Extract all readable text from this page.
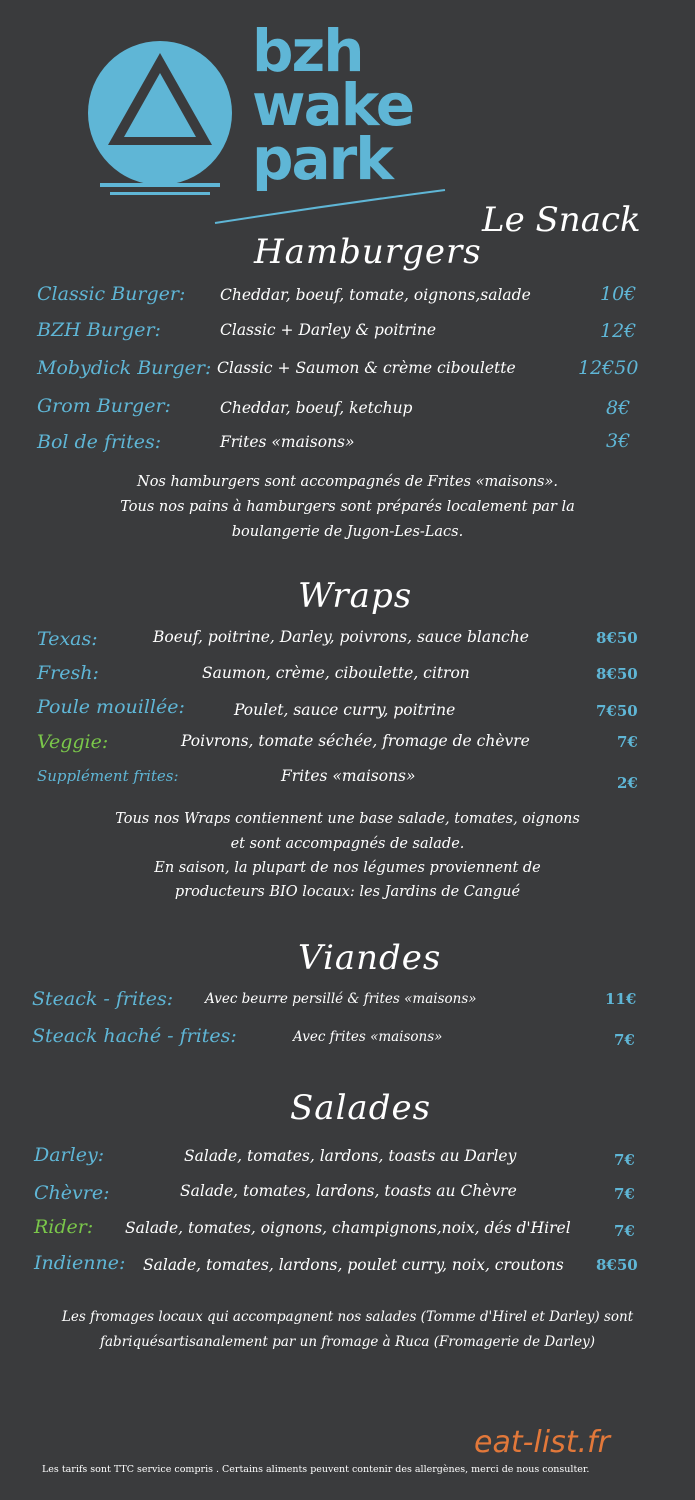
bzh
wake
park
Le Snack
Hamburgers
Classic Burger: Cheddar, boeuf, tomate, oignons,salade	10€
BZH Burger:	Classic + Darley & poitrine	12€
Mobydick Burger: Classic + Saumon & crème ciboulette	12€50
Grom Burger:	Cheddar, boeuf, ketchup	8€
Bol de frites:	Frites «maisons»	3€
Nos hamburgers sont accompagnés de Frites «maisons».
Tous nos pains à hamburgers sont préparés localement par la
boulangerie de Jugon-Les-Lacs.
Wraps
Texas:	Boeuf, poitrine, Darley, poivrons, sauce blanche	8€50
Fresh:	Saumon, crème, ciboulette, citron	8€50
Poule mouillée:	Poulet, sauce curry, poitrine	7€50
Veggie:	Poivrons, tomate séchée, fromage de chèvre	7€
Supplément frites:	Frites «maisons»	2€
Tous nos Wraps contiennent une base salade, tomates, oignons
et sont accompagnés de salade.
En saison, la plupart de nos légumes proviennent de
producteurs BIO locaux: les Jardins de Cangué
Viandes
Steack - frites: Avec beurre persillé & frites «maisons»	11€
Steack haché - frites:	Avec frites «maisons»	7€
Salades
Darley:	Salade, tomates, lardons, toasts au Darley	7€
Chèvre:	Salade, tomates, lardons, toasts au Chèvre	7€
Rider: Salade, tomates, oignons, champignons,noix, dés d'Hirel	7€
Indienne: Salade, tomates, lardons, poulet curry, noix, croutons 8€50
Les fromages locaux qui accompagnent nos salades (Tomme d'Hirel et Darley) sont
fabriquésartisanalement par un fromage à Ruca (Fromagerie de Darley)
eat-list.fr
Les tarifs sont TTC service compris . Certains aliments peuvent contenir des allergènes, merci de nous consulter.
